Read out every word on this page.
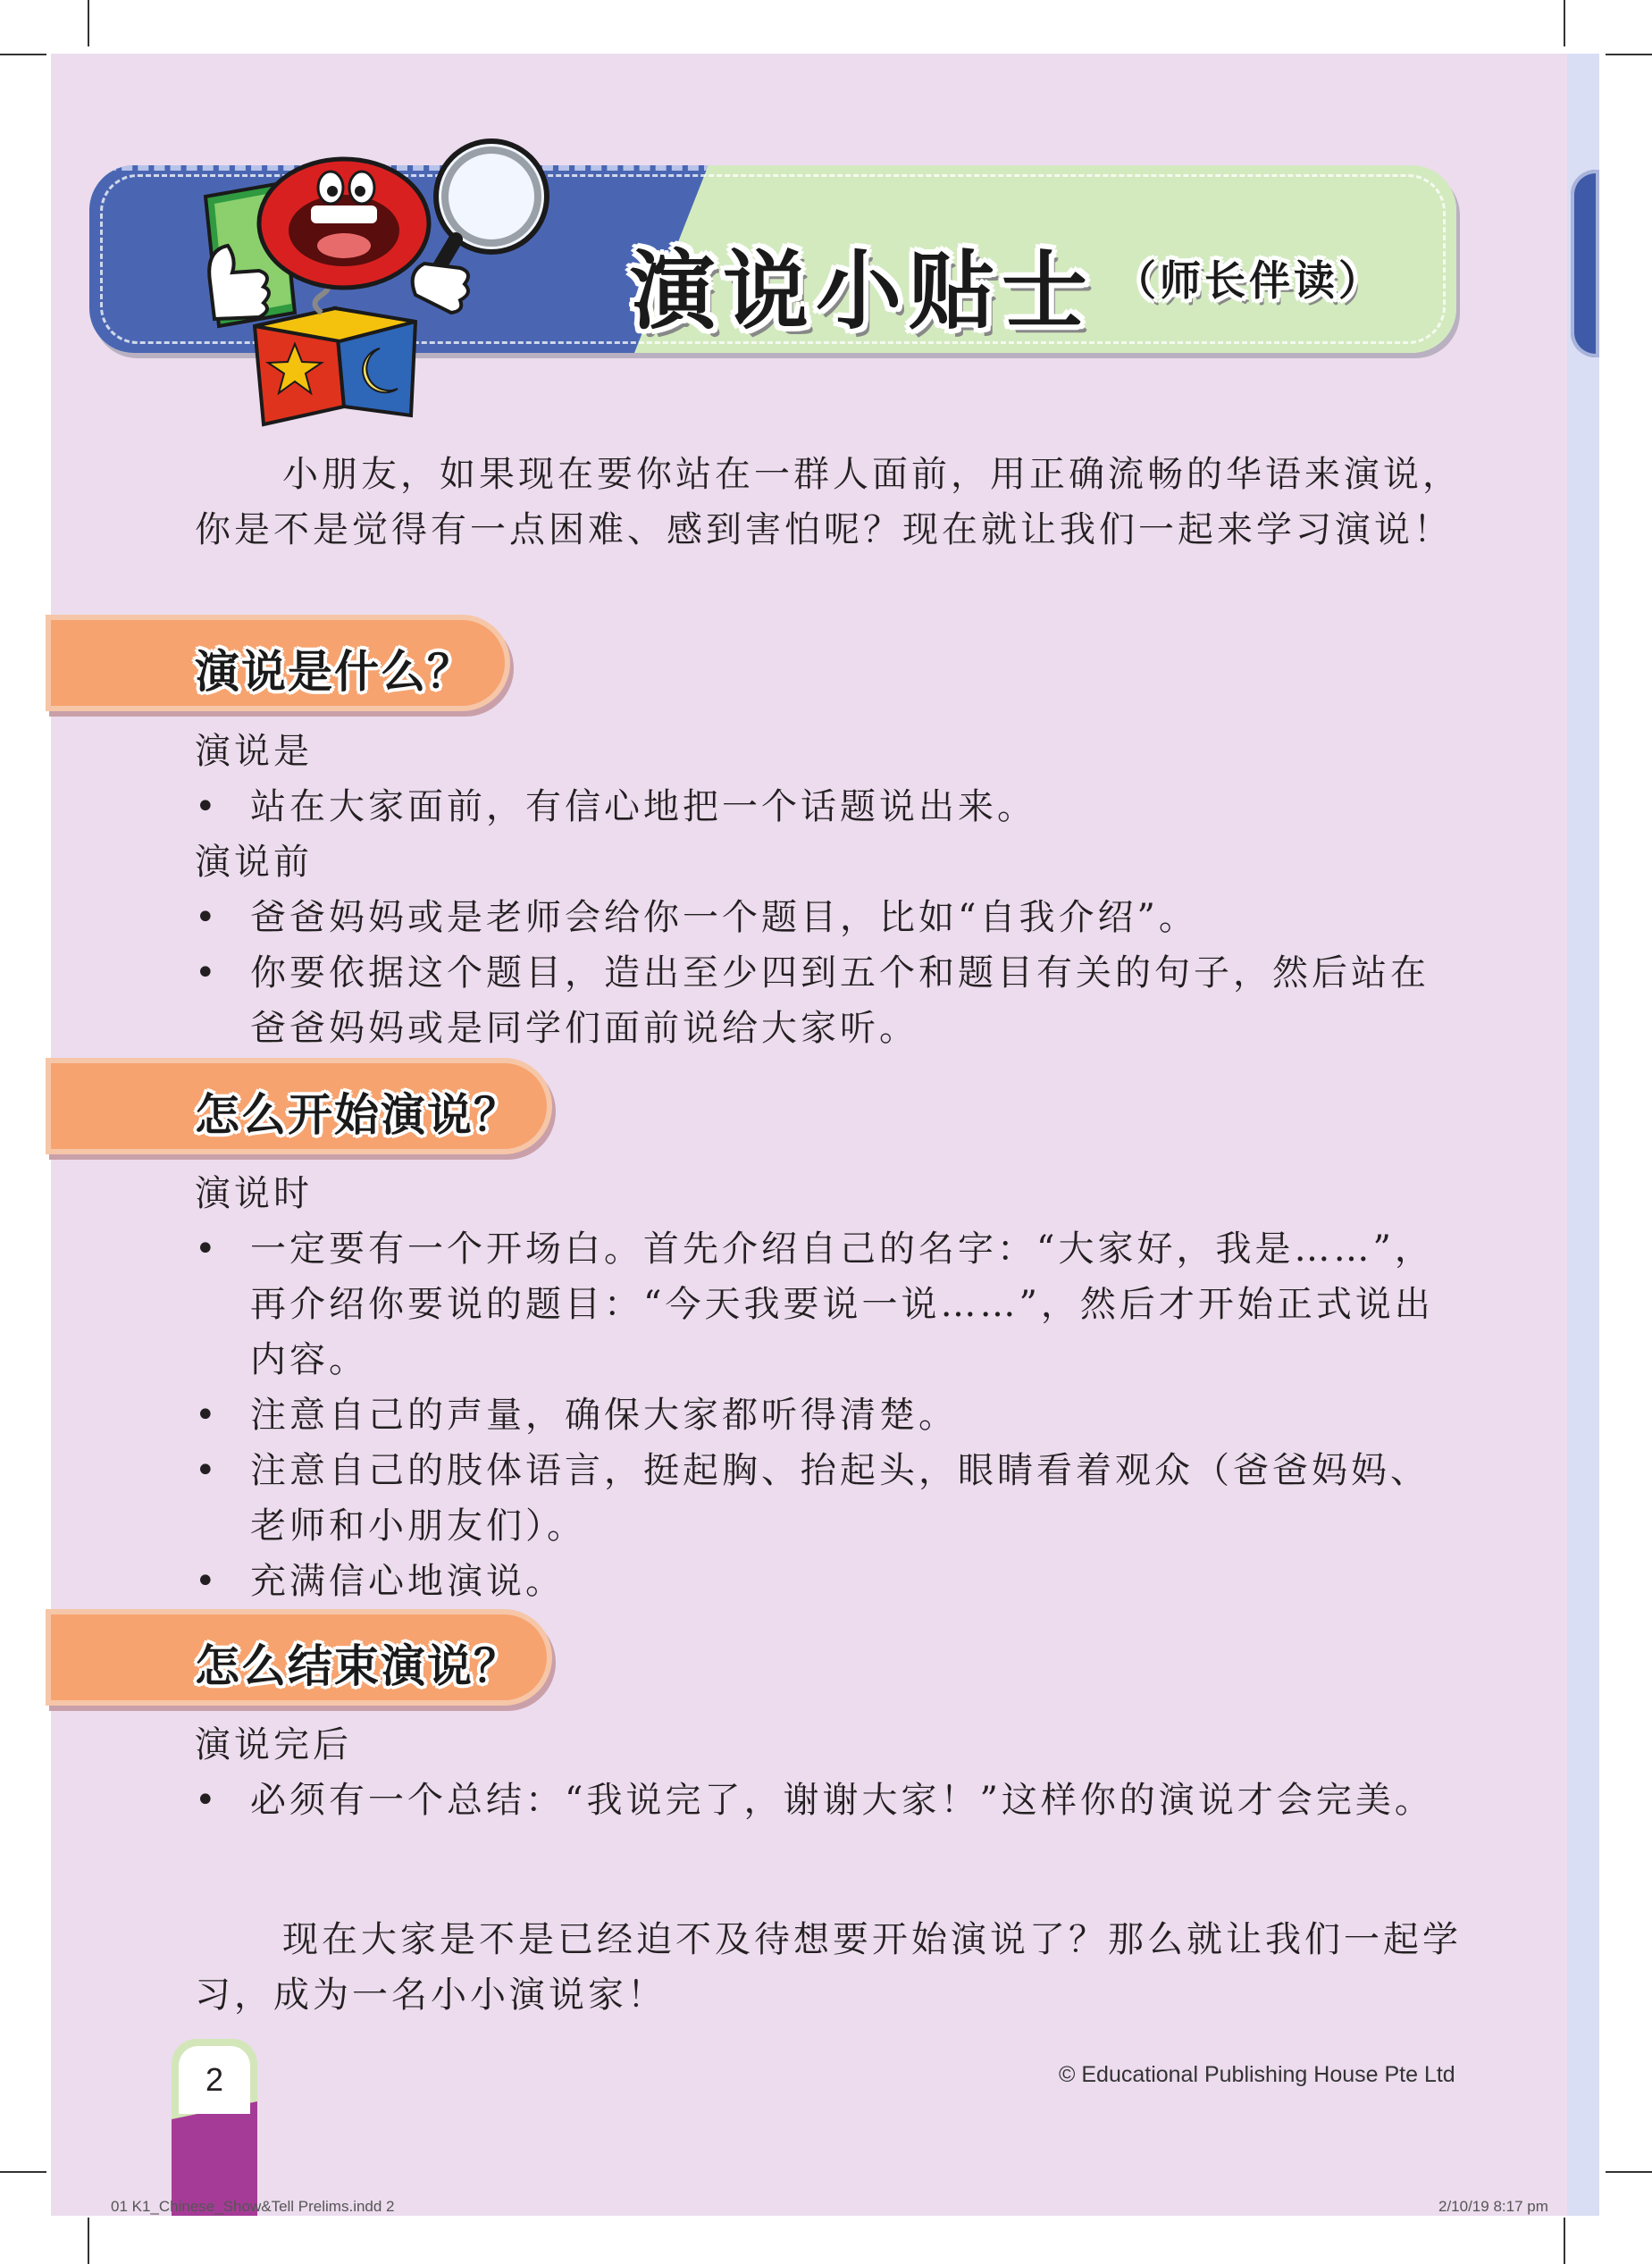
演说小贴士 （师长伴读）

小朋友，如果现在要你站在一群人面前，用正确流畅的华语来演说，你是不是觉得有一点困难、感到害怕呢？现在就让我们一起来学习演说！

演说是什么？
演说是
• 站在大家面前，有信心地把一个话题说出来。
演说前
• 爸爸妈妈或是老师会给你一个题目，比如“自我介绍”。
• 你要依据这个题目，造出至少四到五个和题目有关的句子，然后站在爸爸妈妈或是同学们面前说给大家听。
怎么开始演说？
演说时
• 一定要有一个开场白。首先介绍自己的名字：“大家好，我是……”，再介绍你要说的题目：“今天我要说一说……”，然后才开始正式说出内容。
• 注意自己的声量，确保大家都听得清楚。
• 注意自己的肢体语言，挺起胸、抬起头，眼睛看着观众（爸爸妈妈、老师和小朋友们）。
• 充满信心地演说。
怎么结束演说？
演说完后
• 必须有一个总结：“我说完了，谢谢大家！”这样你的演说才会完美。

现在大家是不是已经迫不及待想要开始演说了？那么就让我们一起学习，成为一名小小演说家！

2	© Educational Publishing House Pte Ltd
01 K1_Chinese_Show&Tell Prelims.indd 2	2/10/19 8:17 pm
